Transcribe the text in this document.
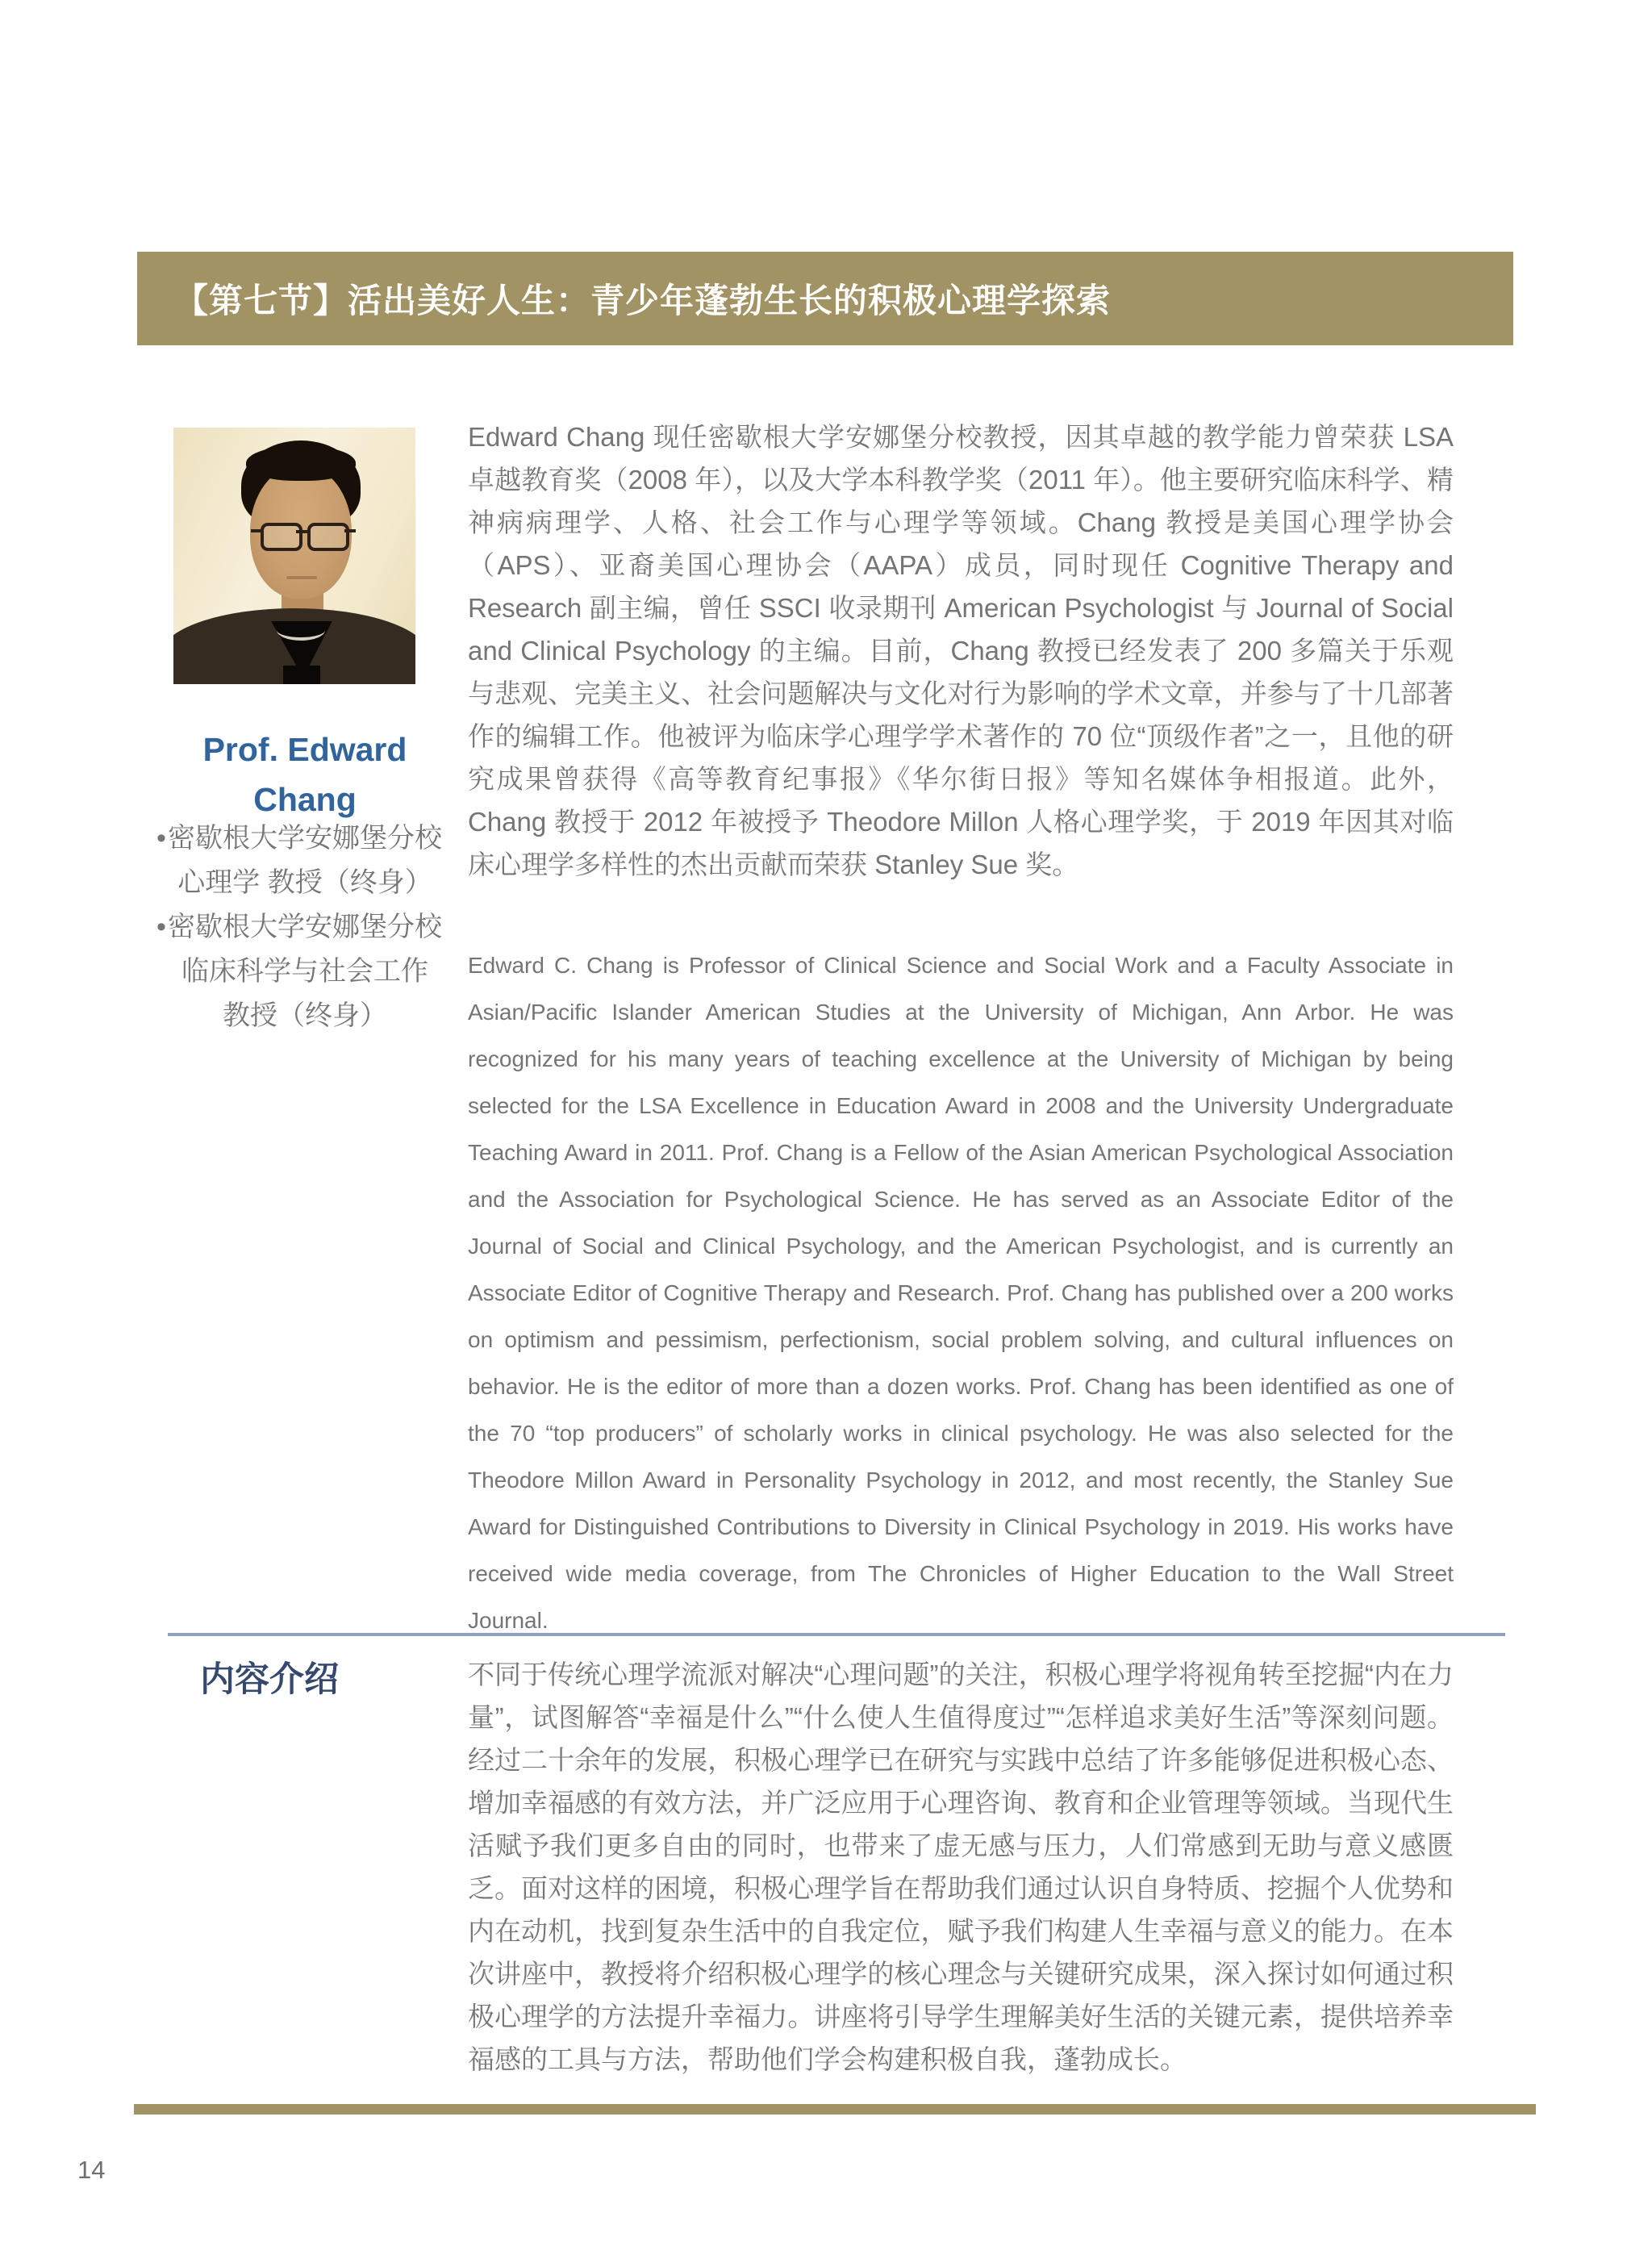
【第七节】活出美好人生：青少年蓬勃生长的积极心理学探索
Prof. Edward
Chang
• 密歇根大学安娜堡分校
心理学 教授（终身）
• 密歇根大学安娜堡分校
临床科学与社会工作
教授（终身）
Edward Chang 现任密歇根大学安娜堡分校教授，因其卓越的教学能力曾荣获 LSA 卓越教育奖（2008 年），以及大学本科教学奖（2011 年）。他主要研究临床科学、精神病病理学、人格、社会工作与心理学等领域。Chang 教授是美国心理学协会（APS）、亚裔美国心理协会（AAPA）成员，同时现任 Cognitive Therapy and Research 副主编，曾任 SSCI 收录期刊 American Psychologist 与 Journal of Social and Clinical Psychology 的主编。目前，Chang 教授已经发表了 200 多篇关于乐观与悲观、完美主义、社会问题解决与文化对行为影响的学术文章，并参与了十几部著作的编辑工作。他被评为临床学心理学学术著作的 70 位“顶级作者”之一，且他的研究成果曾获得《高等教育纪事报》《华尔街日报》等知名媒体争相报道。此外，Chang 教授于 2012 年被授予 Theodore Millon 人格心理学奖，于 2019 年因其对临床心理学多样性的杰出贡献而荣获 Stanley Sue 奖。
Edward C. Chang is Professor of Clinical Science and Social Work and a Faculty Associate in Asian/Pacific Islander American Studies at the University of Michigan, Ann Arbor. He was recognized for his many years of teaching excellence at the University of Michigan by being selected for the LSA Excellence in Education Award in 2008 and the University Undergraduate Teaching Award in 2011. Prof. Chang is a Fellow of the Asian American Psychological Association and the Association for Psychological Science. He has served as an Associate Editor of the Journal of Social and Clinical Psychology, and the American Psychologist, and is currently an Associate Editor of Cognitive Therapy and Research. Prof. Chang has published over a 200 works on optimism and pessimism, perfectionism, social problem solving, and cultural influences on behavior. He is the editor of more than a dozen works. Prof. Chang has been identified as one of the 70 “top producers” of scholarly works in clinical psychology. He was also selected for the Theodore Millon Award in Personality Psychology in 2012, and most recently, the Stanley Sue Award for Distinguished Contributions to Diversity in Clinical Psychology in 2019. His works have received wide media coverage, from The Chronicles of Higher Education to the Wall Street Journal.
内容介绍	不同于传统心理学流派对解决“心理问题”的关注，积极心理学将视角转至挖掘“内在力量”，试图解答“幸福是什么”“什么使人生值得度过”“怎样追求美好生活”等深刻问题。经过二十余年的发展，积极心理学已在研究与实践中总结了许多能够促进积极心态、增加幸福感的有效方法，并广泛应用于心理咨询、教育和企业管理等领域。当现代生活赋予我们更多自由的同时，也带来了虚无感与压力，人们常感到无助与意义感匮乏。面对这样的困境，积极心理学旨在帮助我们通过认识自身特质、挖掘个人优势和内在动机，找到复杂生活中的自我定位，赋予我们构建人生幸福与意义的能力。在本次讲座中，教授将介绍积极心理学的核心理念与关键研究成果，深入探讨如何通过积极心理学的方法提升幸福力。讲座将引导学生理解美好生活的关键元素，提供培养幸福感的工具与方法，帮助他们学会构建积极自我，蓬勃成长。
14
